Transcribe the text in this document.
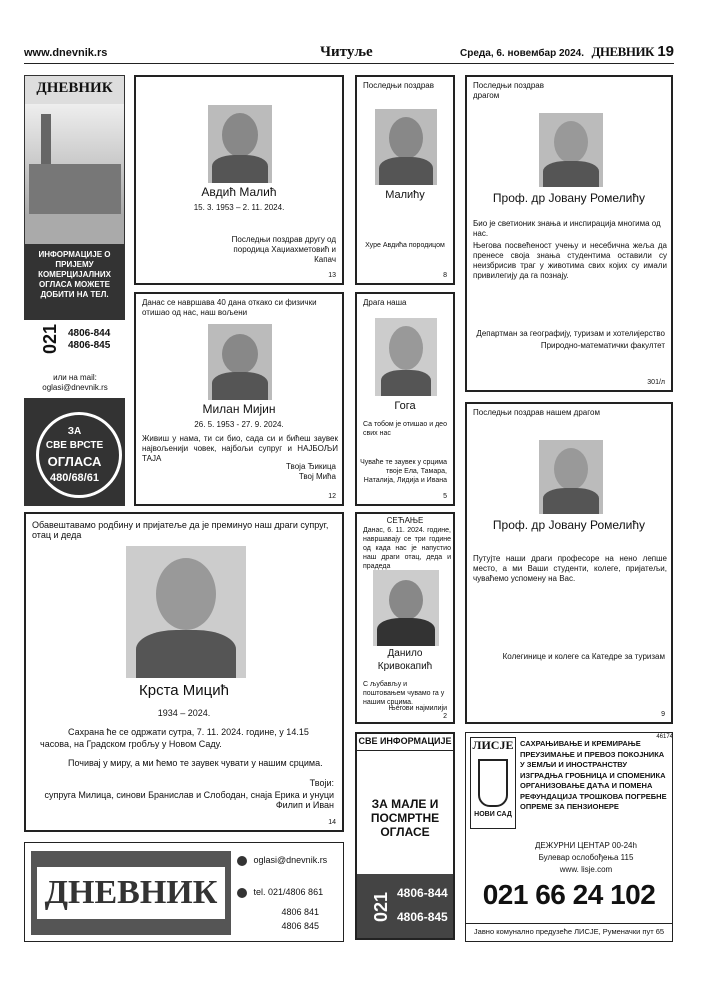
www.dnevnik.rs	Читуље	Среда, 6. новембар 2024. ДНЕВНИК 19
ДНЕВНИК
ИНФОРМАЦИЈЕ О ПРИЈЕМУ КОМЕРЦИЈАЛНИХ ОГЛАСА МОЖЕТЕ ДОБИТИ НА ТЕЛ.
021 4806-844
4806-845
или на mail:
oglasi@dnevnik.rs
ЗА
СВЕ ВРСТЕ
ОГЛАСА
480/68/61
Авдић Малић
15. 3. 1953 – 2. 11. 2024.
Последњи поздрав другу од породица Хаџиахметовић и Капач
13
Последњи поздрав
Малићу
Хуре Авдића породицом
8
Последњи поздрав драгом
Проф. др Јовану Ромелићу
Био је светионик знања и инспирација многима од нас.
Његова посвећеност учењу и несебична жеља да пренесе своја знања студентима оставили су неизбрисив траг у животима свих којих су имали привилегију да га познају.
Департман за географију, туризам и хотелијерство
Природно-математички факултет
301/л
Данас се навршава 40 дана откако си физички отишао од нас, наш вољени
Милан Мијин
26. 5. 1953 - 27. 9. 2024.
Живиш у нама, ти си био, сада си и бићеш заувек највољенији човек, најбољи супруг и НАЈБОЉИ ТАЈА
Твоја Ђикица
Твој Мића
12
Драга наша
Гога
Са тобом је отишао и део свих нас
Чуваће те заувек у срцима твоје Ела, Тамара, Наталија, Лидија и Ивана
5
Последњи поздрав нашем драгом
Проф. др Јовану Ромелићу
Путујте наши драги професоре на нено лепше место, а ми Ваши студенти, колеге, пријатељи, чуваћемо успомену на Вас.
Колегинице и колеге са Катедре за туризам
9
Обавештавамо родбину и пријатеље да је преминуо наш драги супруг, отац и деда
Крста Мицић
1934 – 2024.
Сахрана ће се одржати сутра, 7. 11. 2024. године, у 14.15 часова, на Градском гробљу у Новом Саду.
Почивај у миру, а ми ћемо те заувек чувати у нашим срцима.
Твоји:
супруга Милица, синови Бранислав и Слободан, снаја Ерика и унуци Филип и Иван
14
СЕЋАЊЕ
Данас, 6. 11. 2024. године, навршавају се три године од када нас је напустио наш драги отац, деда и прадеда
Данило
Кривокапић
С љубављу и поштовањем чувамо га у нашим срцима.
Његови најмилији
2
СВЕ ИНФОРМАЦИЈЕ
ЗА МАЛЕ И ПОСМРТНЕ
ОГЛАСЕ
021 4806-844
4806-845
46174
ЛИСЈЕ
НОВИ САД
САХРАЊИВАЊЕ И КРЕМИРАЊЕ
ПРЕУЗИМАЊЕ И ПРЕВОЗ ПОКОЈНИКА У ЗЕМЉИ И ИНОСТРАНСТВУ
ИЗГРАДЊА ГРОБНИЦА И СПОМЕНИКА
ОРГАНИЗОВАЊЕ ДАЋА И ПОМЕНА
РЕФУНДАЦИЈА ТРОШКОВА ПОГРЕБНЕ ОПРЕМЕ ЗА ПЕНЗИОНЕРЕ
ДЕЖУРНИ ЦЕНТАР 00-24h
Булевар ослобођења 115
www. lisje.com
021 66 24 102
Јавно комунално предузеће ЛИСЈЕ, Руменачки пут 65
ДНЕВНИК
oglasi@dnevnik.rs
tel. 021/4806 861
4806 841
4806 845
